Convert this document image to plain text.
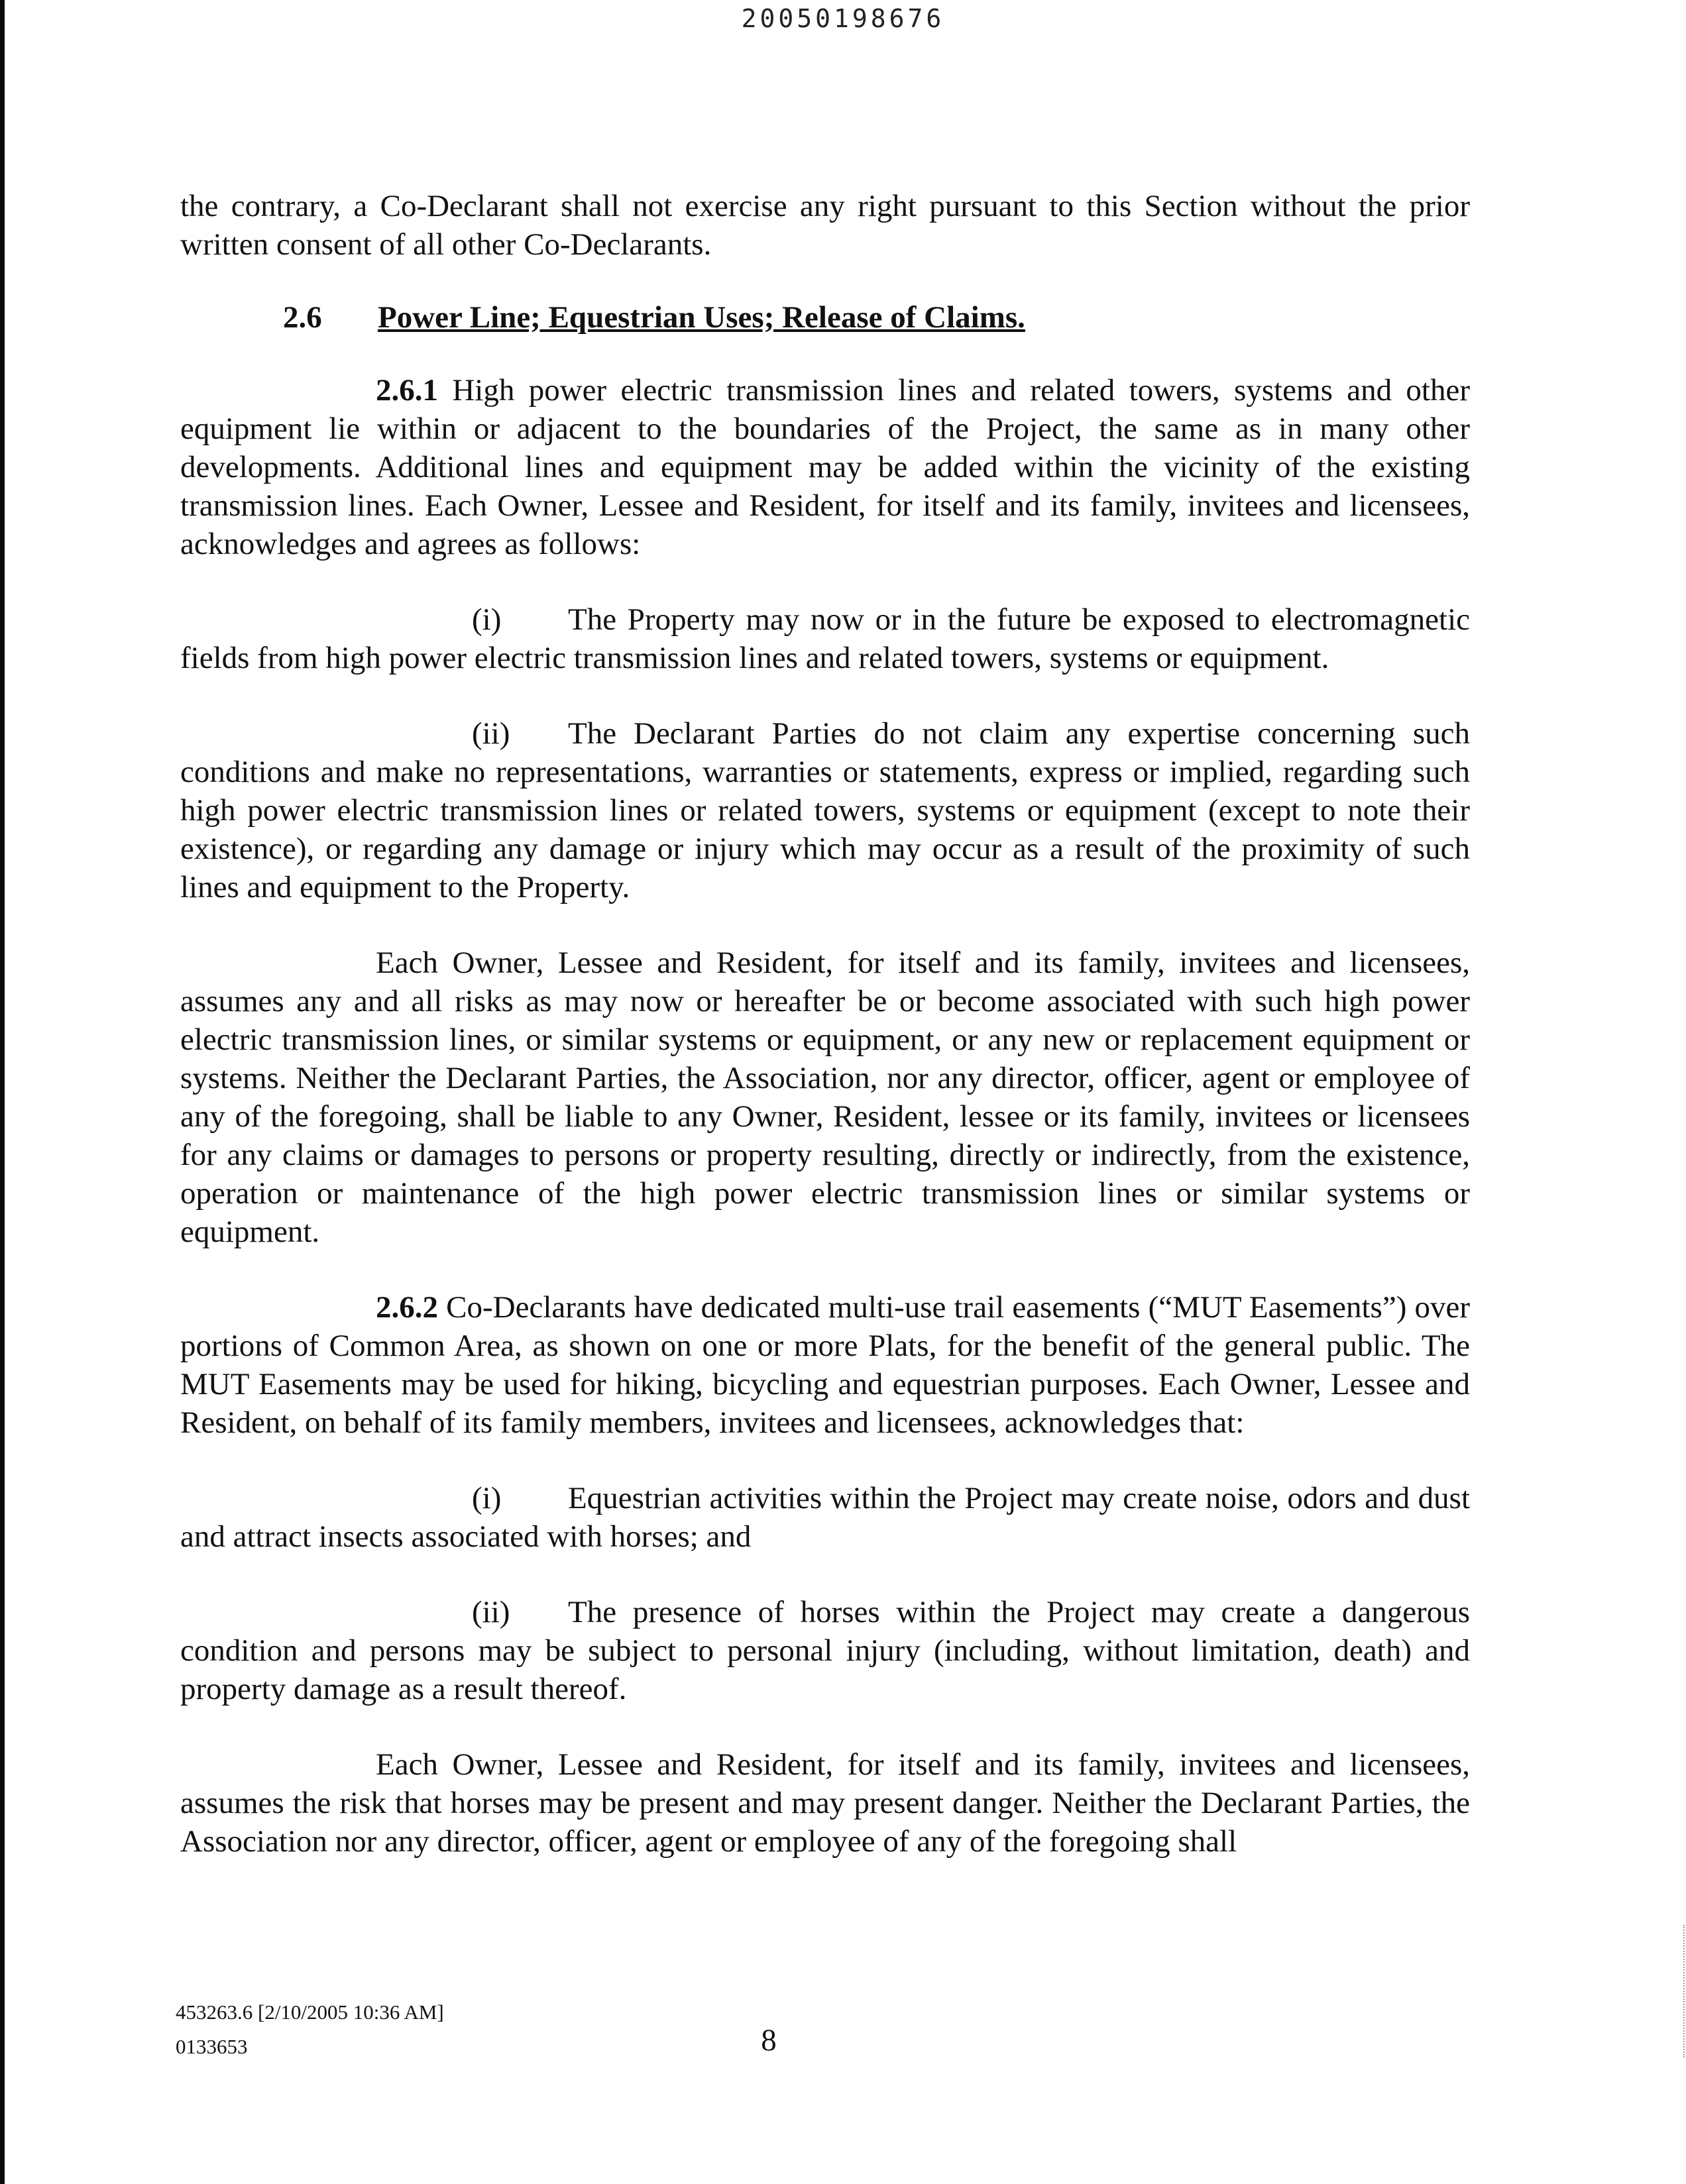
20050198676

the contrary, a Co-Declarant shall not exercise any right pursuant to this Section without the prior written consent of all other Co-Declarants.

2.6 Power Line; Equestrian Uses; Release of Claims.

2.6.1 High power electric transmission lines and related towers, systems and other equipment lie within or adjacent to the boundaries of the Project, the same as in many other developments. Additional lines and equipment may be added within the vicinity of the existing transmission lines. Each Owner, Lessee and Resident, for itself and its family, invitees and licensees, acknowledges and agrees as follows:

(i) The Property may now or in the future be exposed to electromagnetic fields from high power electric transmission lines and related towers, systems or equipment.

(ii) The Declarant Parties do not claim any expertise concerning such conditions and make no representations, warranties or statements, express or implied, regarding such high power electric transmission lines or related towers, systems or equipment (except to note their existence), or regarding any damage or injury which may occur as a result of the proximity of such lines and equipment to the Property.

Each Owner, Lessee and Resident, for itself and its family, invitees and licensees, assumes any and all risks as may now or hereafter be or become associated with such high power electric transmission lines, or similar systems or equipment, or any new or replacement equipment or systems. Neither the Declarant Parties, the Association, nor any director, officer, agent or employee of any of the foregoing, shall be liable to any Owner, Resident, lessee or its family, invitees or licensees for any claims or damages to persons or property resulting, directly or indirectly, from the existence, operation or maintenance of the high power electric transmission lines or similar systems or equipment.

2.6.2 Co-Declarants have dedicated multi-use trail easements (“MUT Easements”) over portions of Common Area, as shown on one or more Plats, for the benefit of the general public. The MUT Easements may be used for hiking, bicycling and equestrian purposes. Each Owner, Lessee and Resident, on behalf of its family members, invitees and licensees, acknowledges that:

(i) Equestrian activities within the Project may create noise, odors and dust and attract insects associated with horses; and

(ii) The presence of horses within the Project may create a dangerous condition and persons may be subject to personal injury (including, without limitation, death) and property damage as a result thereof.

Each Owner, Lessee and Resident, for itself and its family, invitees and licensees, assumes the risk that horses may be present and may present danger. Neither the Declarant Parties, the Association nor any director, officer, agent or employee of any of the foregoing shall

453263.6 [2/10/2005 10:36 AM]
0133653	8
